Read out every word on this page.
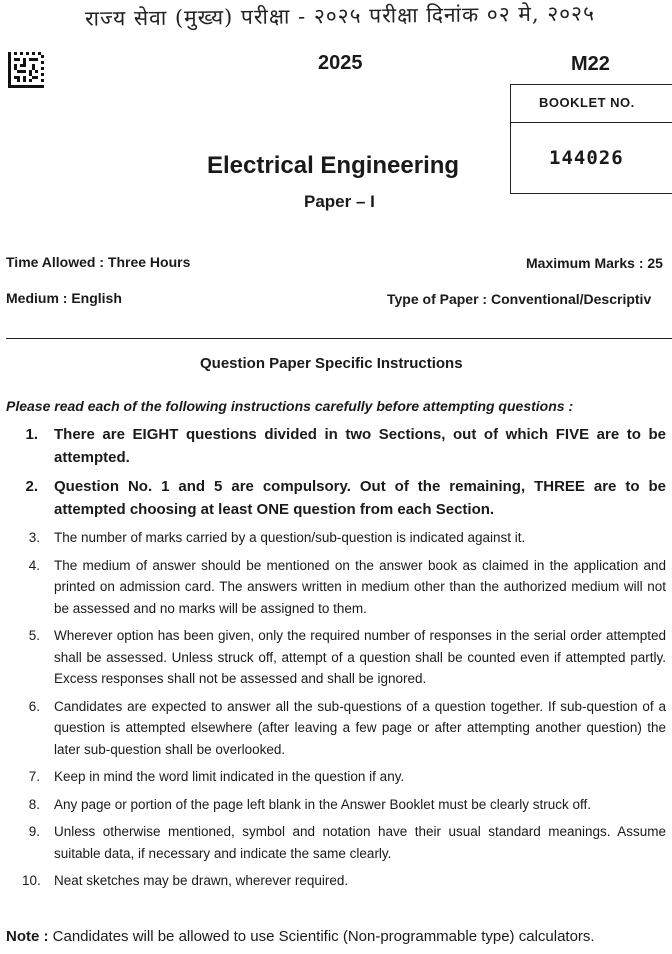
राज्य सेवा (मुख्य) परीक्षा - २०२५ परीक्षा दिनांक ०२ मे, २०२५
2025	M22
BOOKLET NO.
144026
Electrical Engineering
Paper – I
Time Allowed : Three Hours	Maximum Marks : 25
Medium : English	Type of Paper : Conventional/Descriptiv
Question Paper Specific Instructions
Please read each of the following instructions carefully before attempting questions :
1. There are EIGHT questions divided in two Sections, out of which FIVE are to be attempted.
2. Question No. 1 and 5 are compulsory. Out of the remaining, THREE are to be attempted choosing at least ONE question from each Section.
3. The number of marks carried by a question/sub-question is indicated against it.
4. The medium of answer should be mentioned on the answer book as claimed in the application and printed on admission card. The answers written in medium other than the authorized medium will not be assessed and no marks will be assigned to them.
5. Wherever option has been given, only the required number of responses in the serial order attempted shall be assessed. Unless struck off, attempt of a question shall be counted even if attempted partly. Excess responses shall not be assessed and shall be ignored.
6. Candidates are expected to answer all the sub-questions of a question together. If sub-question of a question is attempted elsewhere (after leaving a few page or after attempting another question) the later sub-question shall be overlooked.
7. Keep in mind the word limit indicated in the question if any.
8. Any page or portion of the page left blank in the Answer Booklet must be clearly struck off.
9. Unless otherwise mentioned, symbol and notation have their usual standard meanings. Assume suitable data, if necessary and indicate the same clearly.
10. Neat sketches may be drawn, wherever required.
Note : Candidates will be allowed to use Scientific (Non-programmable type) calculators.
